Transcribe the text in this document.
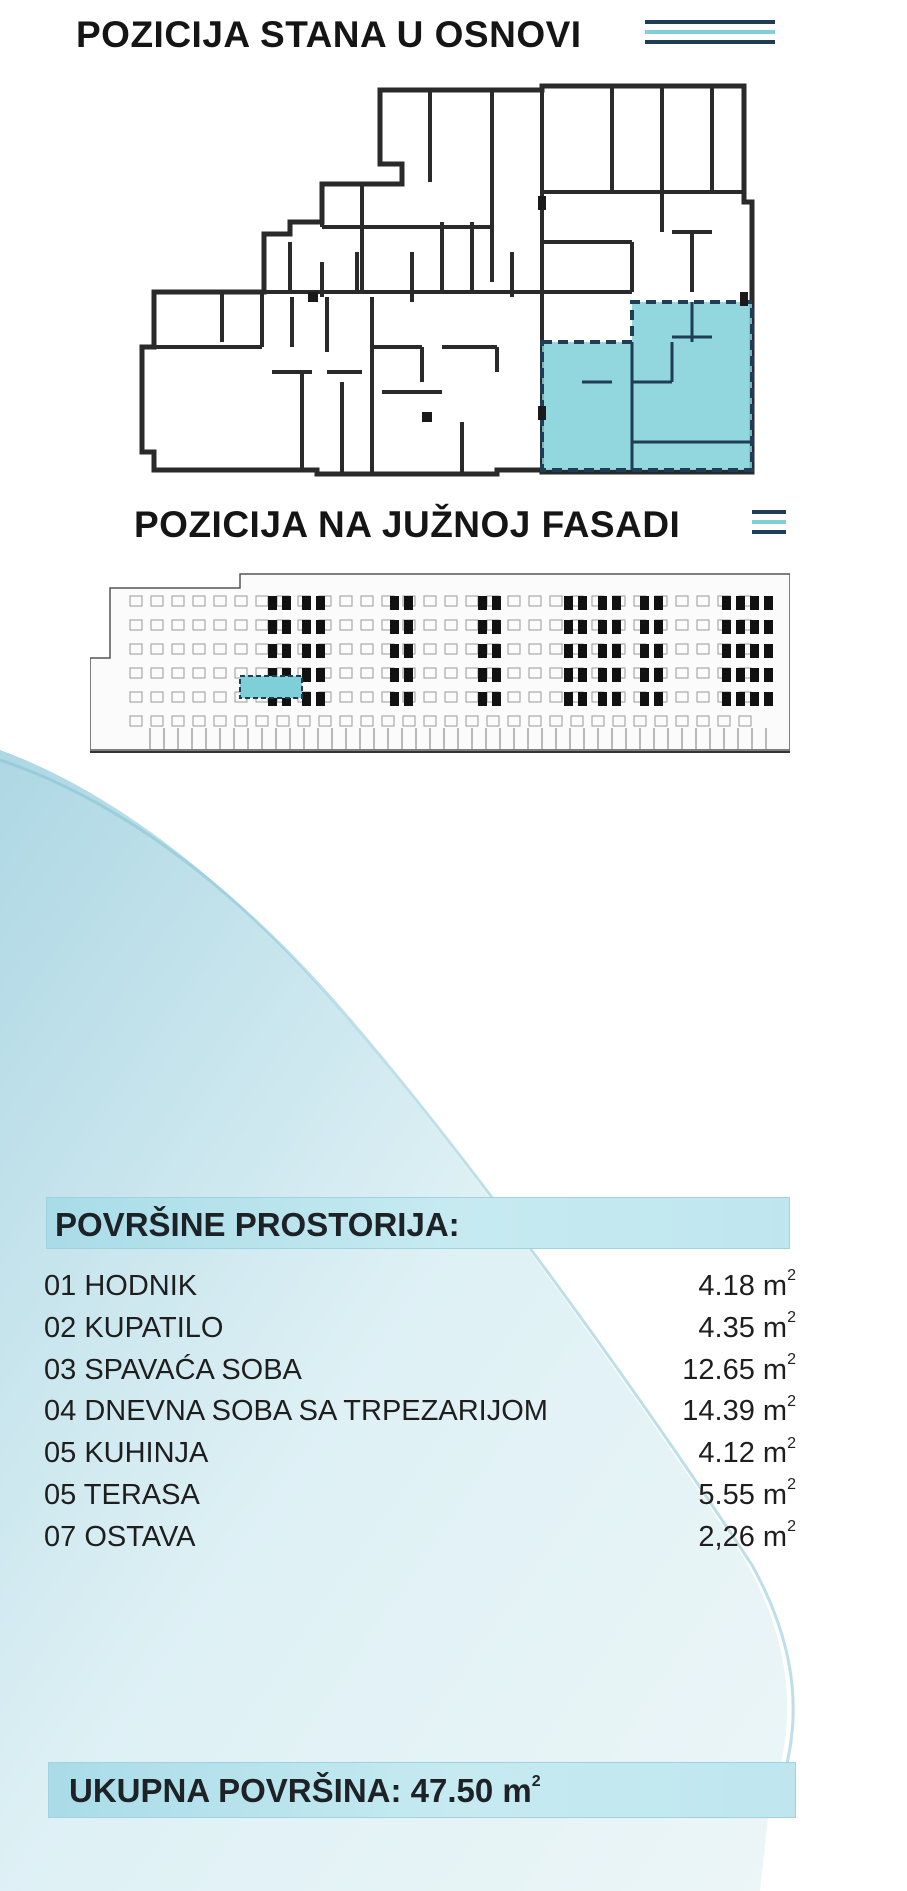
POZICIJA STANA U OSNOVI
POZICIJA NA JUŽNOJ FASADI
POVRŠINE PROSTORIJA:
01 HODNIK	4.18 $m^2$
02 KUPATILO	4.35 $m^2$
03 SPAVAĆA SOBA	12.65 $m^2$
04 DNEVNA SOBA SA TRPEZARIJOM	14.39 $m^2$
05 KUHINJA	4.12 $m^2$
05 TERASA	5.55 $m^2$
07 OSTAVA	2,26 $m^2$
UKUPNA POVRŠINA: 47.50 $m^2$
